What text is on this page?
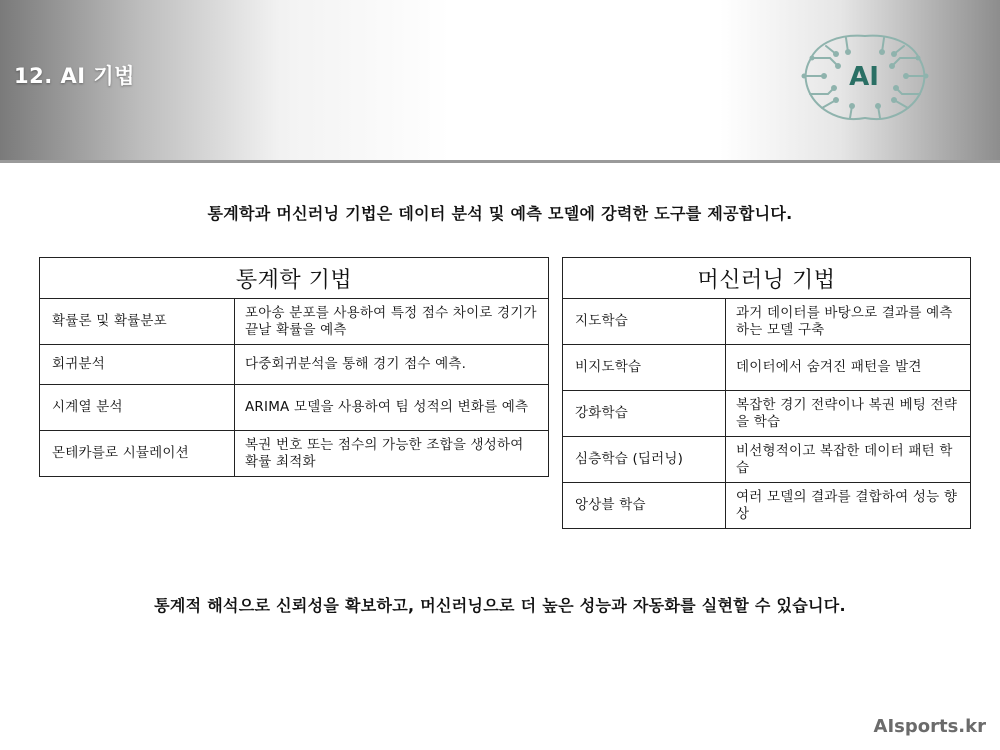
12. AI 기법	AI
통계학과 머신러닝 기법은 데이터 분석 및 예측 모델에 강력한 도구를 제공합니다.
통계학 기법	
확률론 및 확률분포	포아송 분포를 사용하여 특정 점수 차이로 경기가 끝날 확률을 예측
회귀분석	다중회귀분석을 통해 경기 점수 예측.
시계열 분석	ARIMA 모델을 사용하여 팀 성적의 변화를 예측
몬테카를로 시뮬레이션	복권 번호 또는 점수의 가능한 조합을 생성하여 확률 최적화
머신러닝 기법	
지도학습	과거 데이터를 바탕으로 결과를 예측하는 모델 구축
비지도학습	데이터에서 숨겨진 패턴을 발견
강화학습	복잡한 경기 전략이나 복권 베팅 전략을 학습
심층학습 (딥러닝)	비선형적이고 복잡한 데이터 패턴 학습
앙상블 학습	여러 모델의 결과를 결합하여 성능 향상
통계적 해석으로 신뢰성을 확보하고, 머신러닝으로 더 높은 성능과 자동화를 실현할 수 있습니다.
AIsports.kr
